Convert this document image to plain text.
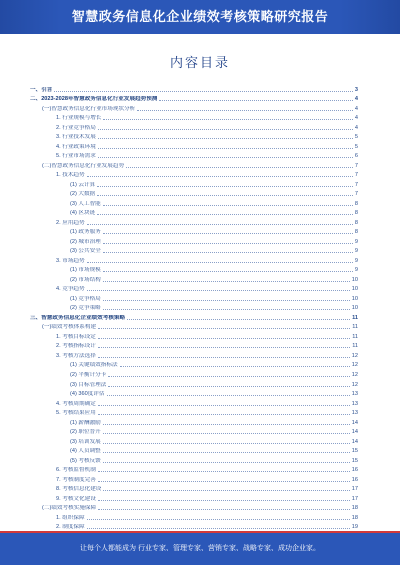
智慧政务信息化企业绩效考核策略研究报告
内容目录
一、引言	3
二、2023-2028年智慧政务信息化行业发展趋势预测	4
(一)智慧政务信息化行业市场现状分析	4
1. 行业规模与增长	4
2. 行业竞争格局	4
3. 行业技术发展	5
4. 行业政策环境	5
5. 行业市场需求	6
(二)智慧政务信息化行业发展趋势	7
1. 技术趋势	7
(1) 云计算	7
(2) 大数据	7
(3) 人工智能	8
(4) 区块链	8
2. 应用趋势	8
(1) 政务服务	8
(2) 城市治理	9
(3) 公共安全	9
3. 市场趋势	9
(1) 市场规模	9
(2) 市场结构	10
4. 竞争趋势	10
(1) 竞争格局	10
(2) 竞争策略	10
三、智慧政务信息化企业绩效考核策略	11
(一)绩效考核体系构建	11
1. 考核目标设定	11
2. 考核指标设计	11
3. 考核方法选择	12
(1) 关键绩效指标法	12
(2) 平衡计分卡	12
(3) 目标管理法	12
(4) 360度评估	13
4. 考核周期确定	13
5. 考核结果应用	13
(1) 薪酬激励	14
(2) 职位晋升	14
(3) 培训发展	14
(4) 人员调整	15
(5) 考核反馈	15
6. 考核监督机制	16
7. 考核制度完善	16
8. 考核信息化建设	17
9. 考核文化建设	17
(二)绩效考核实施保障	18
1. 组织保障	18
2. 制度保障	19
让每个人都能成为 行业专家、管理专家、营销专家、战略专家、成功企业家。
